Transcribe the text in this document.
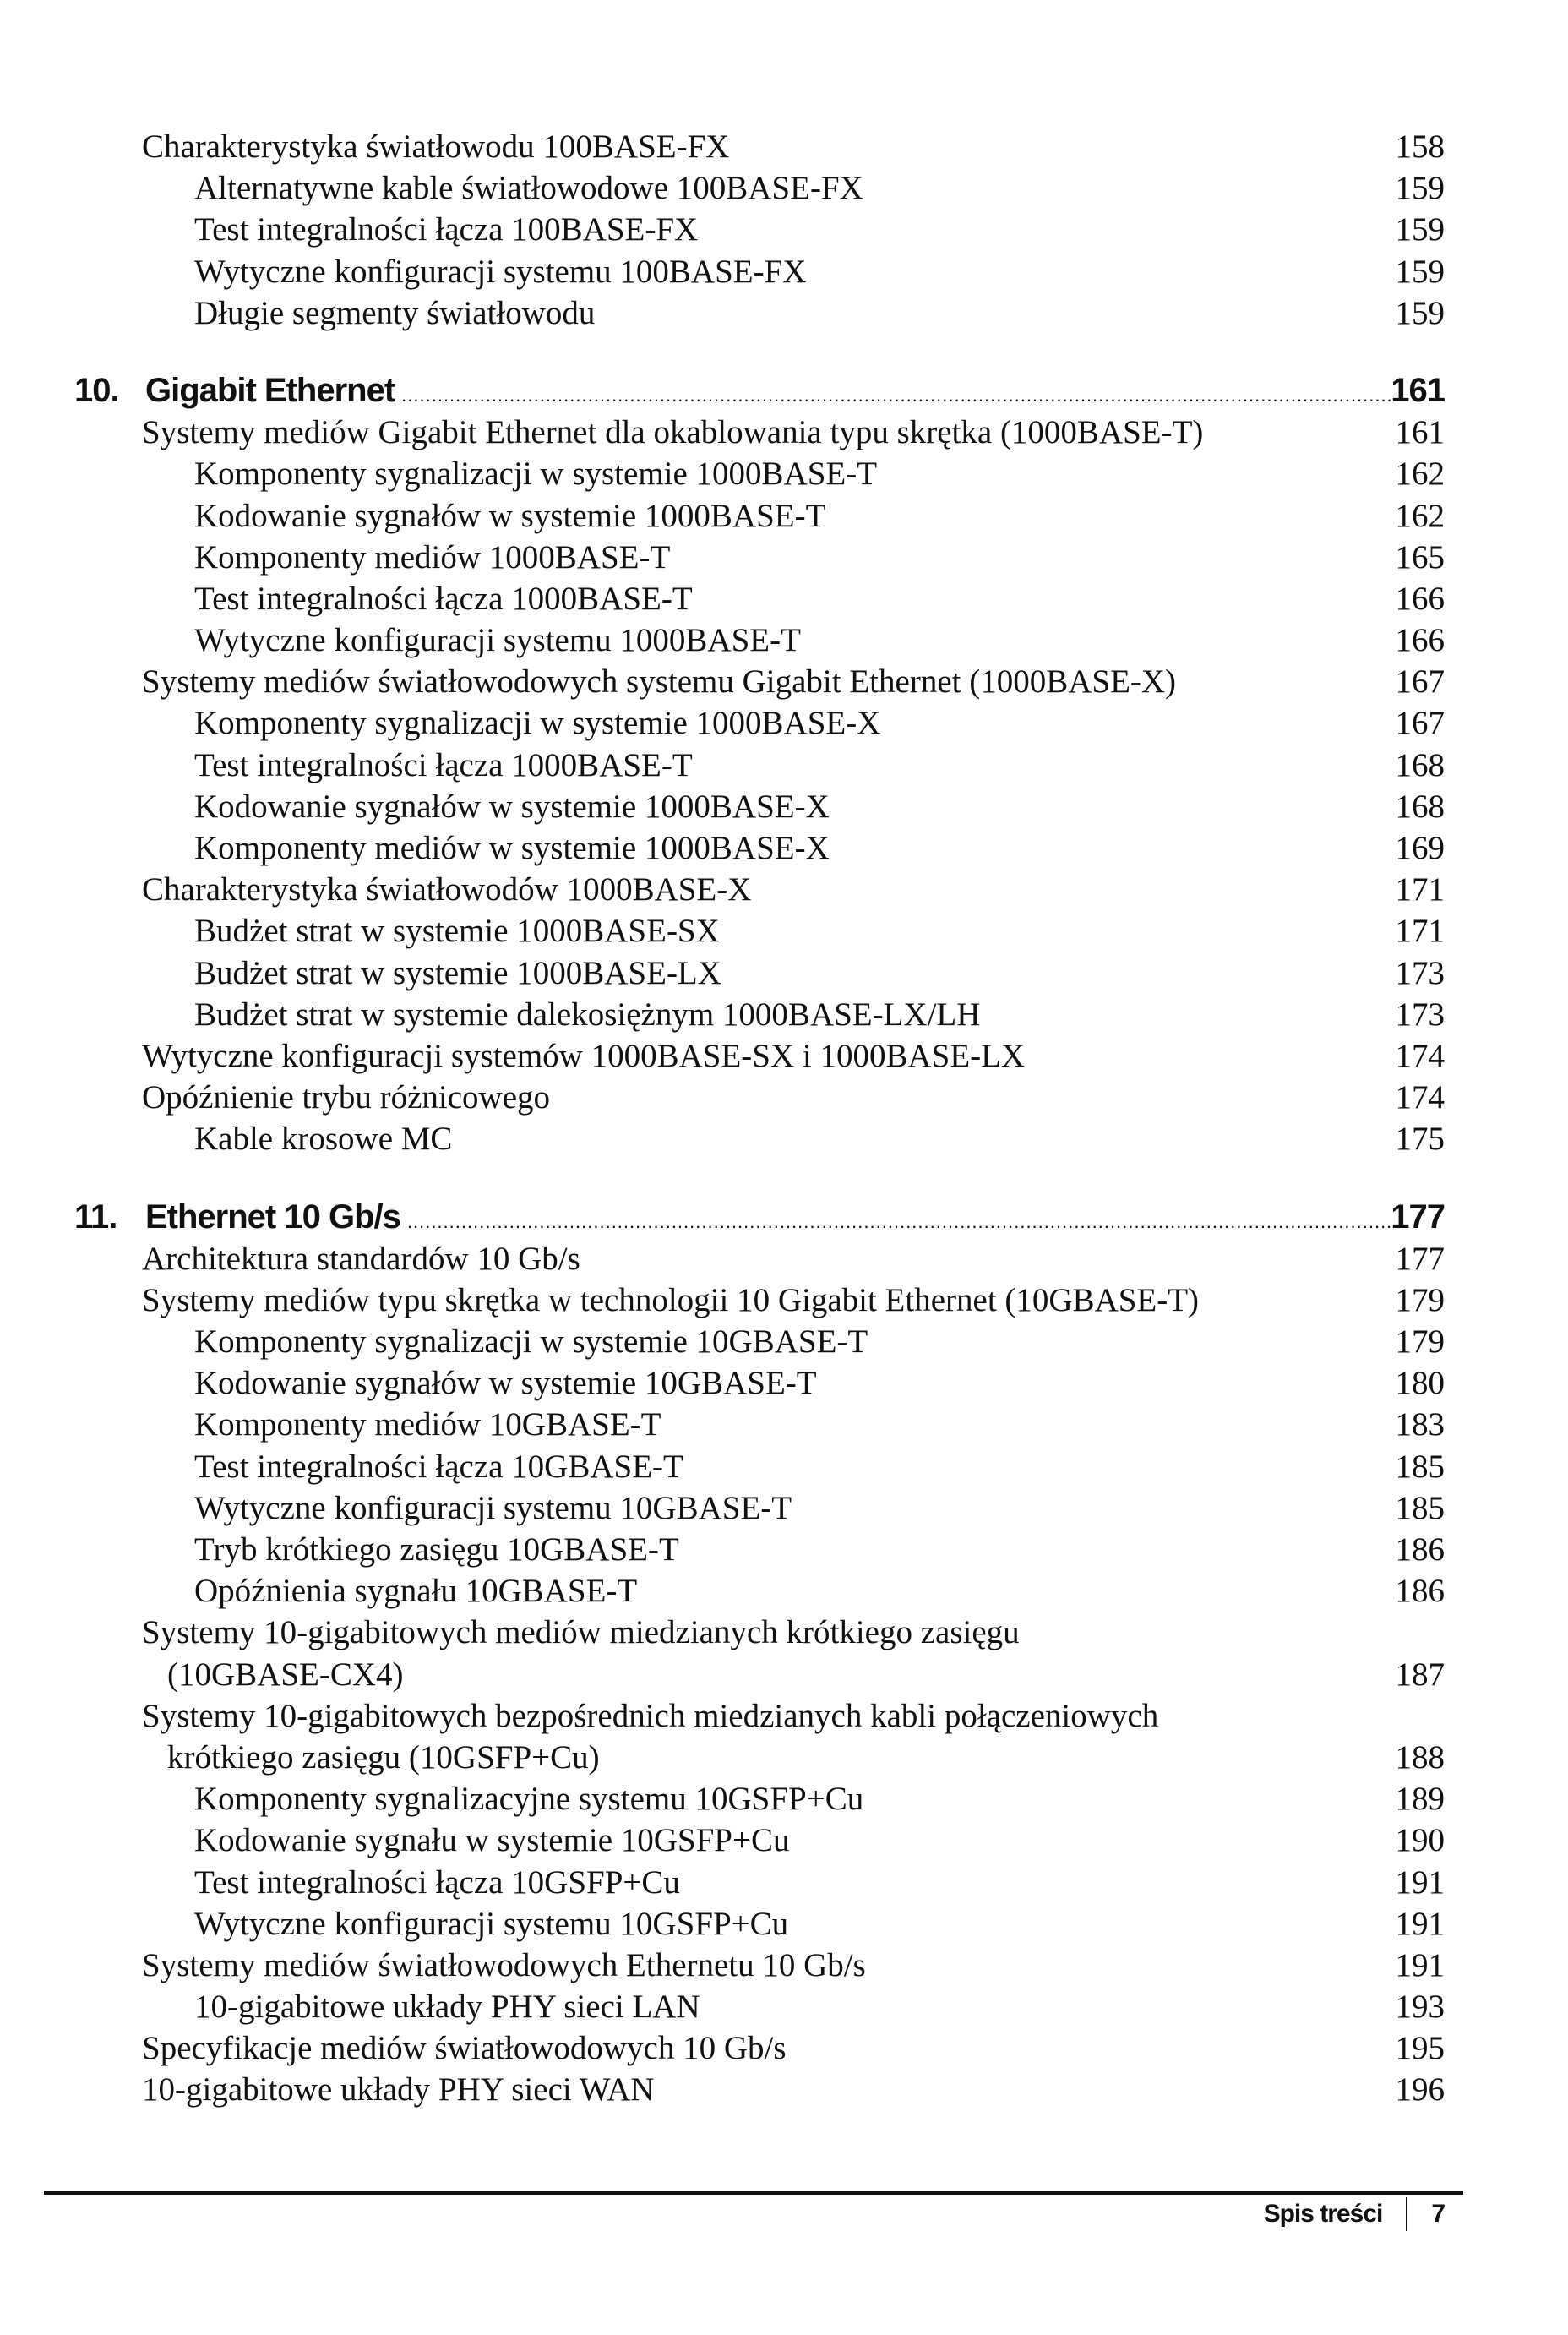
Charakterystyka światłowodu 100BASE-FX	158
Alternatywne kable światłowodowe 100BASE-FX	159
Test integralności łącza 100BASE-FX	159
Wytyczne konfiguracji systemu 100BASE-FX	159
Długie segmenty światłowodu	159
10. Gigabit Ethernet .....	161
Systemy mediów Gigabit Ethernet dla okablowania typu skrętka (1000BASE-T)	161
Komponenty sygnalizacji w systemie 1000BASE-T	162
Kodowanie sygnałów w systemie 1000BASE-T	162
Komponenty mediów 1000BASE-T	165
Test integralności łącza 1000BASE-T	166
Wytyczne konfiguracji systemu 1000BASE-T	166
Systemy mediów światłowodowych systemu Gigabit Ethernet (1000BASE-X)	167
Komponenty sygnalizacji w systemie 1000BASE-X	167
Test integralności łącza 1000BASE-T	168
Kodowanie sygnałów w systemie 1000BASE-X	168
Komponenty mediów w systemie 1000BASE-X	169
Charakterystyka światłowodów 1000BASE-X	171
Budżet strat w systemie 1000BASE-SX	171
Budżet strat w systemie 1000BASE-LX	173
Budżet strat w systemie dalekosiężnym 1000BASE-LX/LH	173
Wytyczne konfiguracji systemów 1000BASE-SX i 1000BASE-LX	174
Opóźnienie trybu różnicowego	174
Kable krosowe MC	175
11. Ethernet 10 Gb/s .....	177
Architektura standardów 10 Gb/s	177
Systemy mediów typu skrętka w technologii 10 Gigabit Ethernet (10GBASE-T)	179
Komponenty sygnalizacji w systemie 10GBASE-T	179
Kodowanie sygnałów w systemie 10GBASE-T	180
Komponenty mediów 10GBASE-T	183
Test integralności łącza 10GBASE-T	185
Wytyczne konfiguracji systemu 10GBASE-T	185
Tryb krótkiego zasięgu 10GBASE-T	186
Opóźnienia sygnału 10GBASE-T	186
Systemy 10-gigabitowych mediów miedzianych krótkiego zasięgu
(10GBASE-CX4)	187
Systemy 10-gigabitowych bezpośrednich miedzianych kabli połączeniowych
krótkiego zasięgu (10GSFP+Cu)	188
Komponenty sygnalizacyjne systemu 10GSFP+Cu	189
Kodowanie sygnału w systemie 10GSFP+Cu	190
Test integralności łącza 10GSFP+Cu	191
Wytyczne konfiguracji systemu 10GSFP+Cu	191
Systemy mediów światłowodowych Ethernetu 10 Gb/s	191
10-gigabitowe układy PHY sieci LAN	193
Specyfikacje mediów światłowodowych 10 Gb/s	195
10-gigabitowe układy PHY sieci WAN	196
Spis treści 7
